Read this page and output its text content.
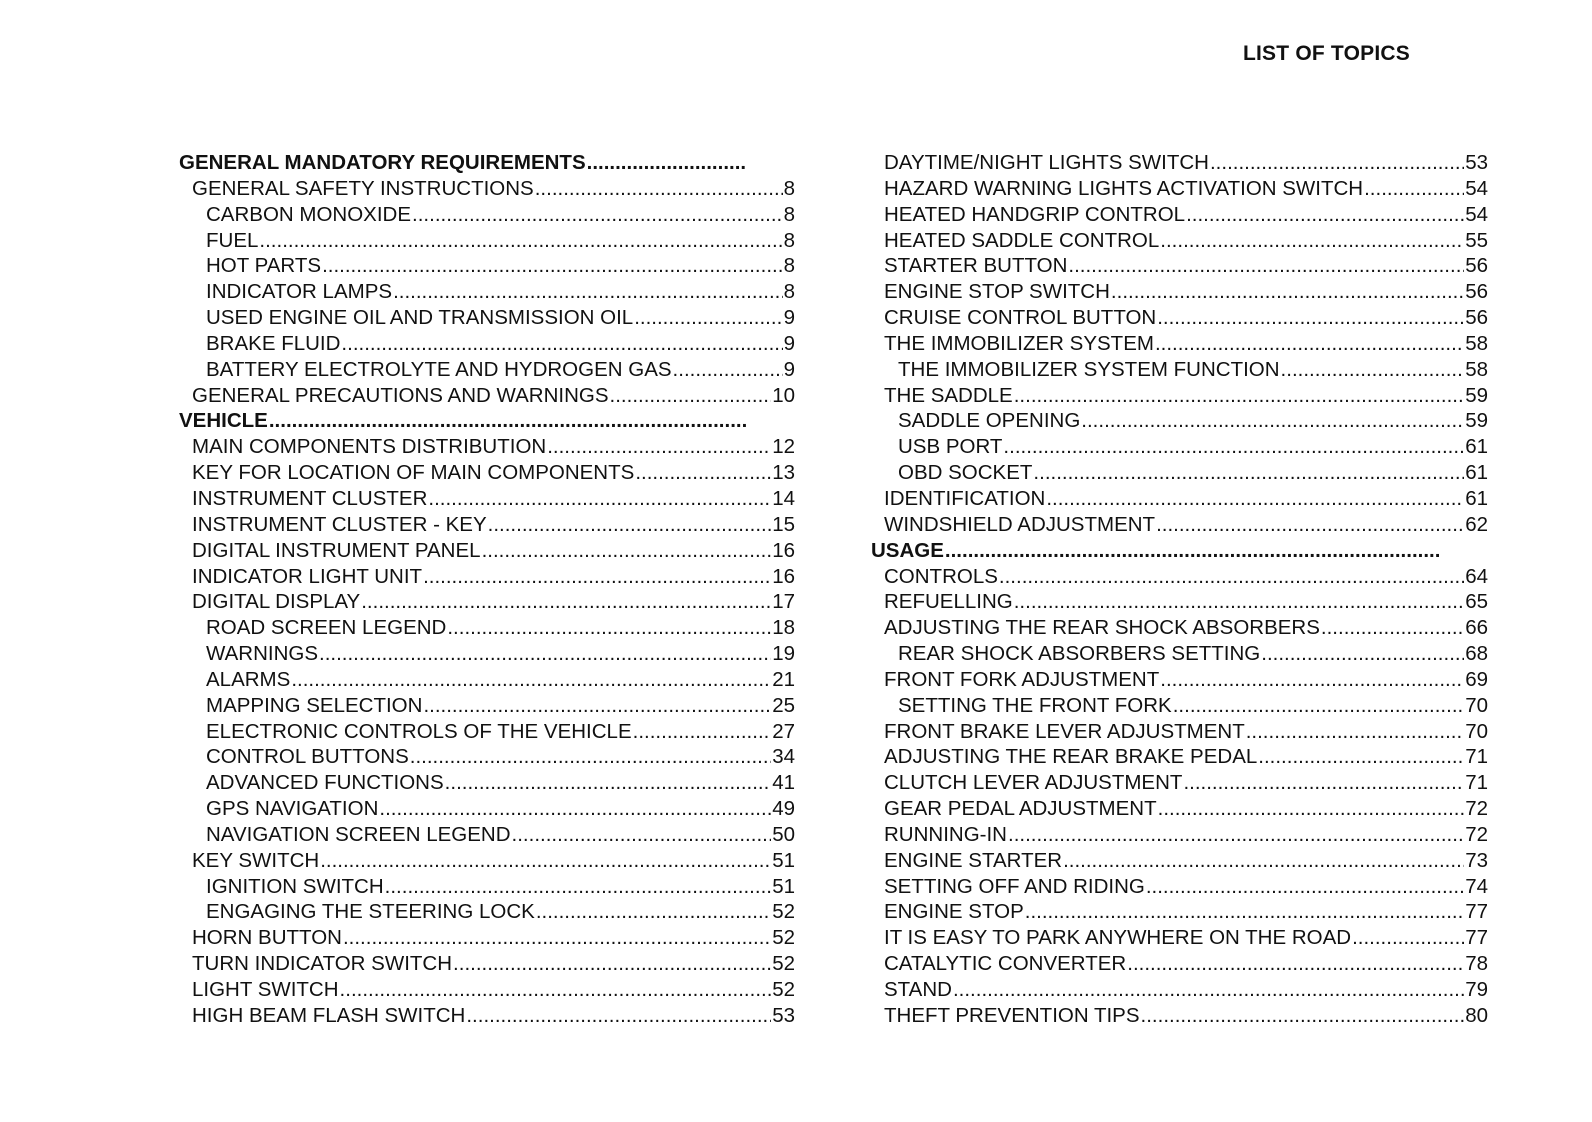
LIST OF TOPICS
GENERAL MANDATORY REQUIREMENTS
.....
GENERAL SAFETY INSTRUCTIONS .....	8
CARBON MONOXIDE .....	8
FUEL .....	8
HOT PARTS .....	8
INDICATOR LAMPS .....	8
USED ENGINE OIL AND TRANSMISSION OIL .....	9
BRAKE FLUID .....	9
BATTERY ELECTROLYTE AND HYDROGEN GAS .....	9
GENERAL PRECAUTIONS AND WARNINGS .....	10
VEHICLE
.....
MAIN COMPONENTS DISTRIBUTION .....	12
KEY FOR LOCATION OF MAIN COMPONENTS .....	13
INSTRUMENT CLUSTER .....	14
INSTRUMENT CLUSTER - KEY .....	15
DIGITAL INSTRUMENT PANEL .....	16
INDICATOR LIGHT UNIT .....	16
DIGITAL DISPLAY .....	17
ROAD SCREEN LEGEND .....	18
WARNINGS .....	19
ALARMS .....	21
MAPPING SELECTION .....	25
ELECTRONIC CONTROLS OF THE VEHICLE .....	27
CONTROL BUTTONS .....	34
ADVANCED FUNCTIONS .....	41
GPS NAVIGATION .....	49
NAVIGATION SCREEN LEGEND .....	50
KEY SWITCH .....	51
IGNITION SWITCH .....	51
ENGAGING THE STEERING LOCK .....	52
HORN BUTTON .....	52
TURN INDICATOR SWITCH .....	52
LIGHT SWITCH .....	52
HIGH BEAM FLASH SWITCH .....	53
DAYTIME/NIGHT LIGHTS SWITCH .....	53
HAZARD WARNING LIGHTS ACTIVATION SWITCH .....	54
HEATED HANDGRIP CONTROL .....	54
HEATED SADDLE CONTROL .....	55
STARTER BUTTON .....	56
ENGINE STOP SWITCH .....	56
CRUISE CONTROL BUTTON .....	56
THE IMMOBILIZER SYSTEM .....	58
THE IMMOBILIZER SYSTEM FUNCTION .....	58
THE SADDLE .....	59
SADDLE OPENING .....	59
USB PORT .....	61
OBD SOCKET .....	61
IDENTIFICATION .....	61
WINDSHIELD ADJUSTMENT .....	62
USAGE
.....
CONTROLS .....	64
REFUELLING .....	65
ADJUSTING THE REAR SHOCK ABSORBERS .....	66
REAR SHOCK ABSORBERS SETTING .....	68
FRONT FORK ADJUSTMENT .....	69
SETTING THE FRONT FORK .....	70
FRONT BRAKE LEVER ADJUSTMENT .....	70
ADJUSTING THE REAR BRAKE PEDAL .....	71
CLUTCH LEVER ADJUSTMENT .....	71
GEAR PEDAL ADJUSTMENT .....	72
RUNNING-IN .....	72
ENGINE STARTER .....	73
SETTING OFF AND RIDING .....	74
ENGINE STOP .....	77
IT IS EASY TO PARK ANYWHERE ON THE ROAD .....	77
CATALYTIC CONVERTER .....	78
STAND .....	79
THEFT PREVENTION TIPS .....	80
